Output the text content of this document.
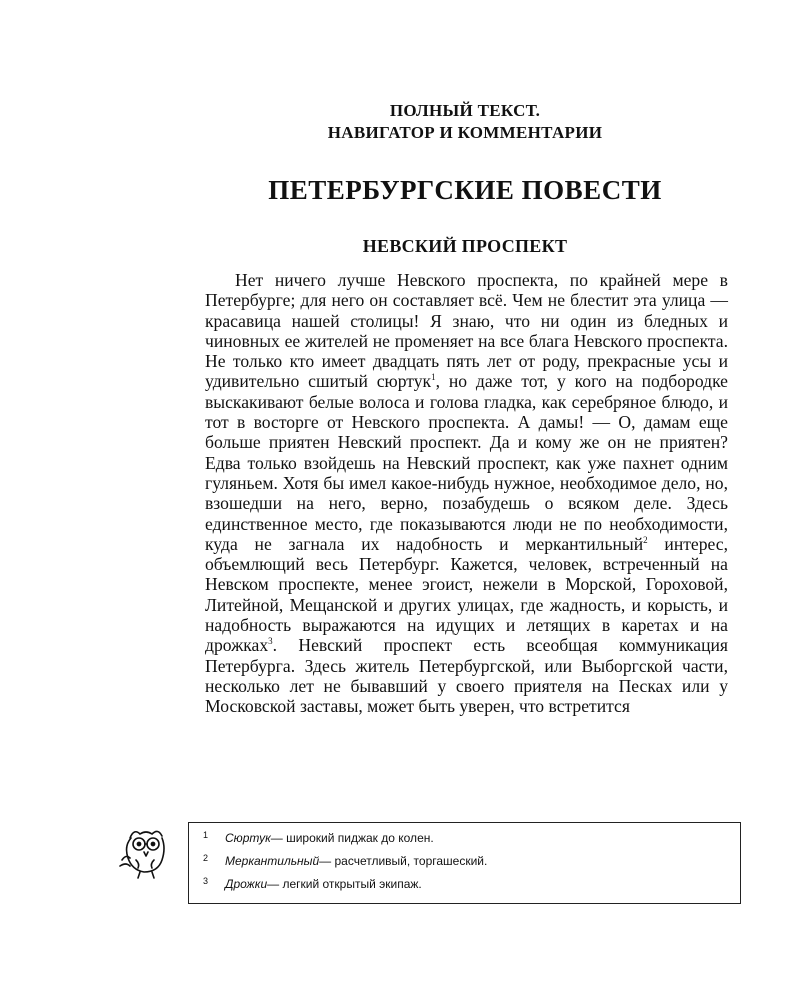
ПОЛНЫЙ ТЕКСТ.
НАВИГАТОР И КОММЕНТАРИИ
ПЕТЕРБУРГСКИЕ ПОВЕСТИ
НЕВСКИЙ ПРОСПЕКТ

Нет ничего лучше Невского проспекта, по крайней мере в Петербурге; для него он составляет всё. Чем не блестит эта улица — красавица нашей столицы! Я знаю, что ни один из бледных и чиновных ее жителей не променяет на все блага Невского проспекта. Не только кто имеет двадцать пять лет от роду, прекрасные усы и удивительно сшитый сюртук$^1$, но даже тот, у кого на подбородке выскакивают белые волоса и голова гладка, как серебряное блюдо, и тот в восторге от Невского проспекта. А дамы! — О, дамам еще больше приятен Невский проспект. Да и кому же он не приятен? Едва только взойдешь на Невский проспект, как уже пахнет одним гуляньем. Хотя бы имел какое-нибудь нужное, необходимое дело, но, взошедши на него, верно, позабудешь о всяком деле. Здесь единственное место, где показываются люди не по необходимости, куда не загнала их надобность и меркантильный$^2$ интерес, объемлющий весь Петербург. Кажется, человек, встреченный на Невском проспекте, менее эгоист, нежели в Морской, Гороховой, Литейной, Мещанской и других улицах, где жадность, и корысть, и надобность выражаются на идущих и летящих в каретах и на дрожках$^3$. Невский проспект есть всеобщая коммуникация Петербурга. Здесь житель Петербургской, или Выборгской части, несколько лет не бывавший у своего приятеля на Песках или у Московской заставы, может быть уверен, что встретится

1	Сюртук — широкий пиджак до колен.
2	Меркантильный — расчетливый, торгашеский.
3	Дрожки — легкий открытый экипаж.
